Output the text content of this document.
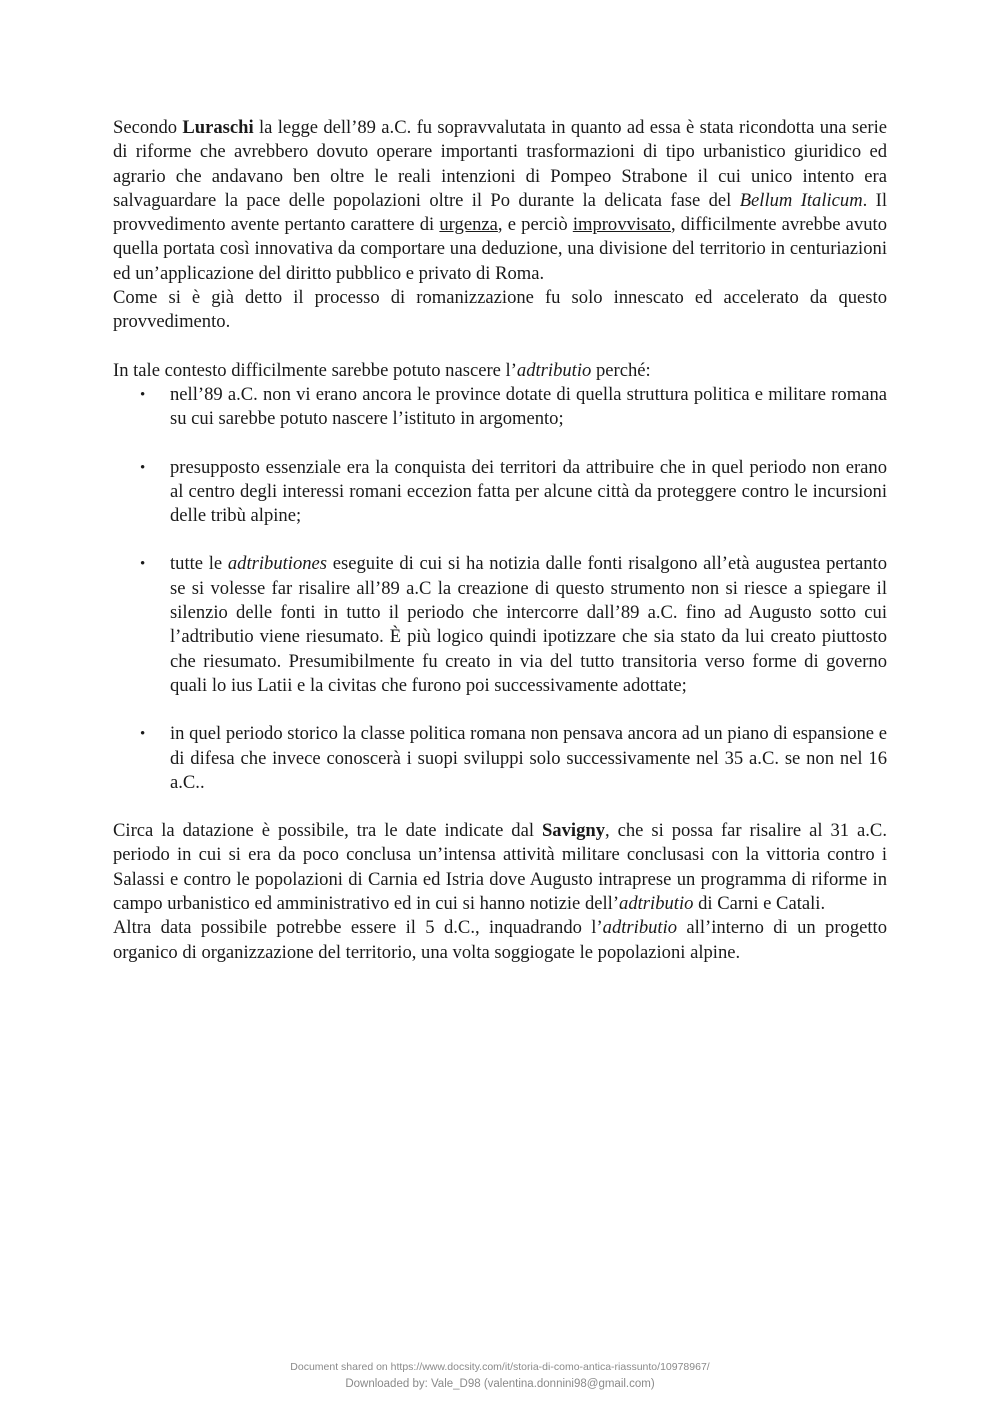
Secondo Luraschi la legge dell’89 a.C. fu sopravvalutata in quanto ad essa è stata ricondotta una serie di riforme che avrebbero dovuto operare importanti trasformazioni di tipo urbanistico giuridico ed agrario che andavano ben oltre le reali intenzioni di Pompeo Strabone il cui unico intento era salvaguardare la pace delle popolazioni oltre il Po durante la delicata fase del Bellum Italicum. Il provvedimento avente pertanto carattere di urgenza, e perciò improvvisato, difficilmente avrebbe avuto quella portata così innovativa da comportare una deduzione, una divisione del territorio in centuriazioni ed un’applicazione del diritto pubblico e privato di Roma.

Come si è già detto il processo di romanizzazione fu solo innescato ed accelerato da questo provvedimento.

In tale contesto difficilmente sarebbe potuto nascere l’adtributio perché:

• nell’89 a.C. non vi erano ancora le province dotate di quella struttura politica e militare romana su cui sarebbe potuto nascere l’istituto in argomento;
• presupposto essenziale era la conquista dei territori da attribuire che in quel periodo non erano al centro degli interessi romani eccezion fatta per alcune città da proteggere contro le incursioni delle tribù alpine;
• tutte le adtributiones eseguite di cui si ha notizia dalle fonti risalgono all’età augustea pertanto se si volesse far risalire all’89 a.C la creazione di questo strumento non si riesce a spiegare il silenzio delle fonti in tutto il periodo che intercorre dall’89 a.C. fino ad Augusto sotto cui l’adtributio viene riesumato. È più logico quindi ipotizzare che sia stato da lui creato piuttosto che riesumato. Presumibilmente fu creato in via del tutto transitoria verso forme di governo quali lo ius Latii e la civitas che furono poi successivamente adottate;
• in quel periodo storico la classe politica romana non pensava ancora ad un piano di espansione e di difesa che invece conoscerà i suopi sviluppi solo successivamente nel 35 a.C. se non nel 16 a.C..

Circa la datazione è possibile, tra le date indicate dal Savigny, che si possa far risalire al 31 a.C. periodo in cui si era da poco conclusa un’intensa attività militare conclusasi con la vittoria contro i Salassi e contro le popolazioni di Carnia ed Istria dove Augusto intraprese un programma di riforme in campo urbanistico ed amministrativo ed in cui si hanno notizie dell’adtributio di Carni e Catali.

Altra data possibile potrebbe essere il 5 d.C., inquadrando l’adtributio all’interno di un progetto organico di organizzazione del territorio, una volta soggiogate le popolazioni alpine.

Document shared on https://www.docsity.com/it/storia-di-como-antica-riassunto/10978967/
Downloaded by: Vale_D98 (valentina.donnini98@gmail.com)
